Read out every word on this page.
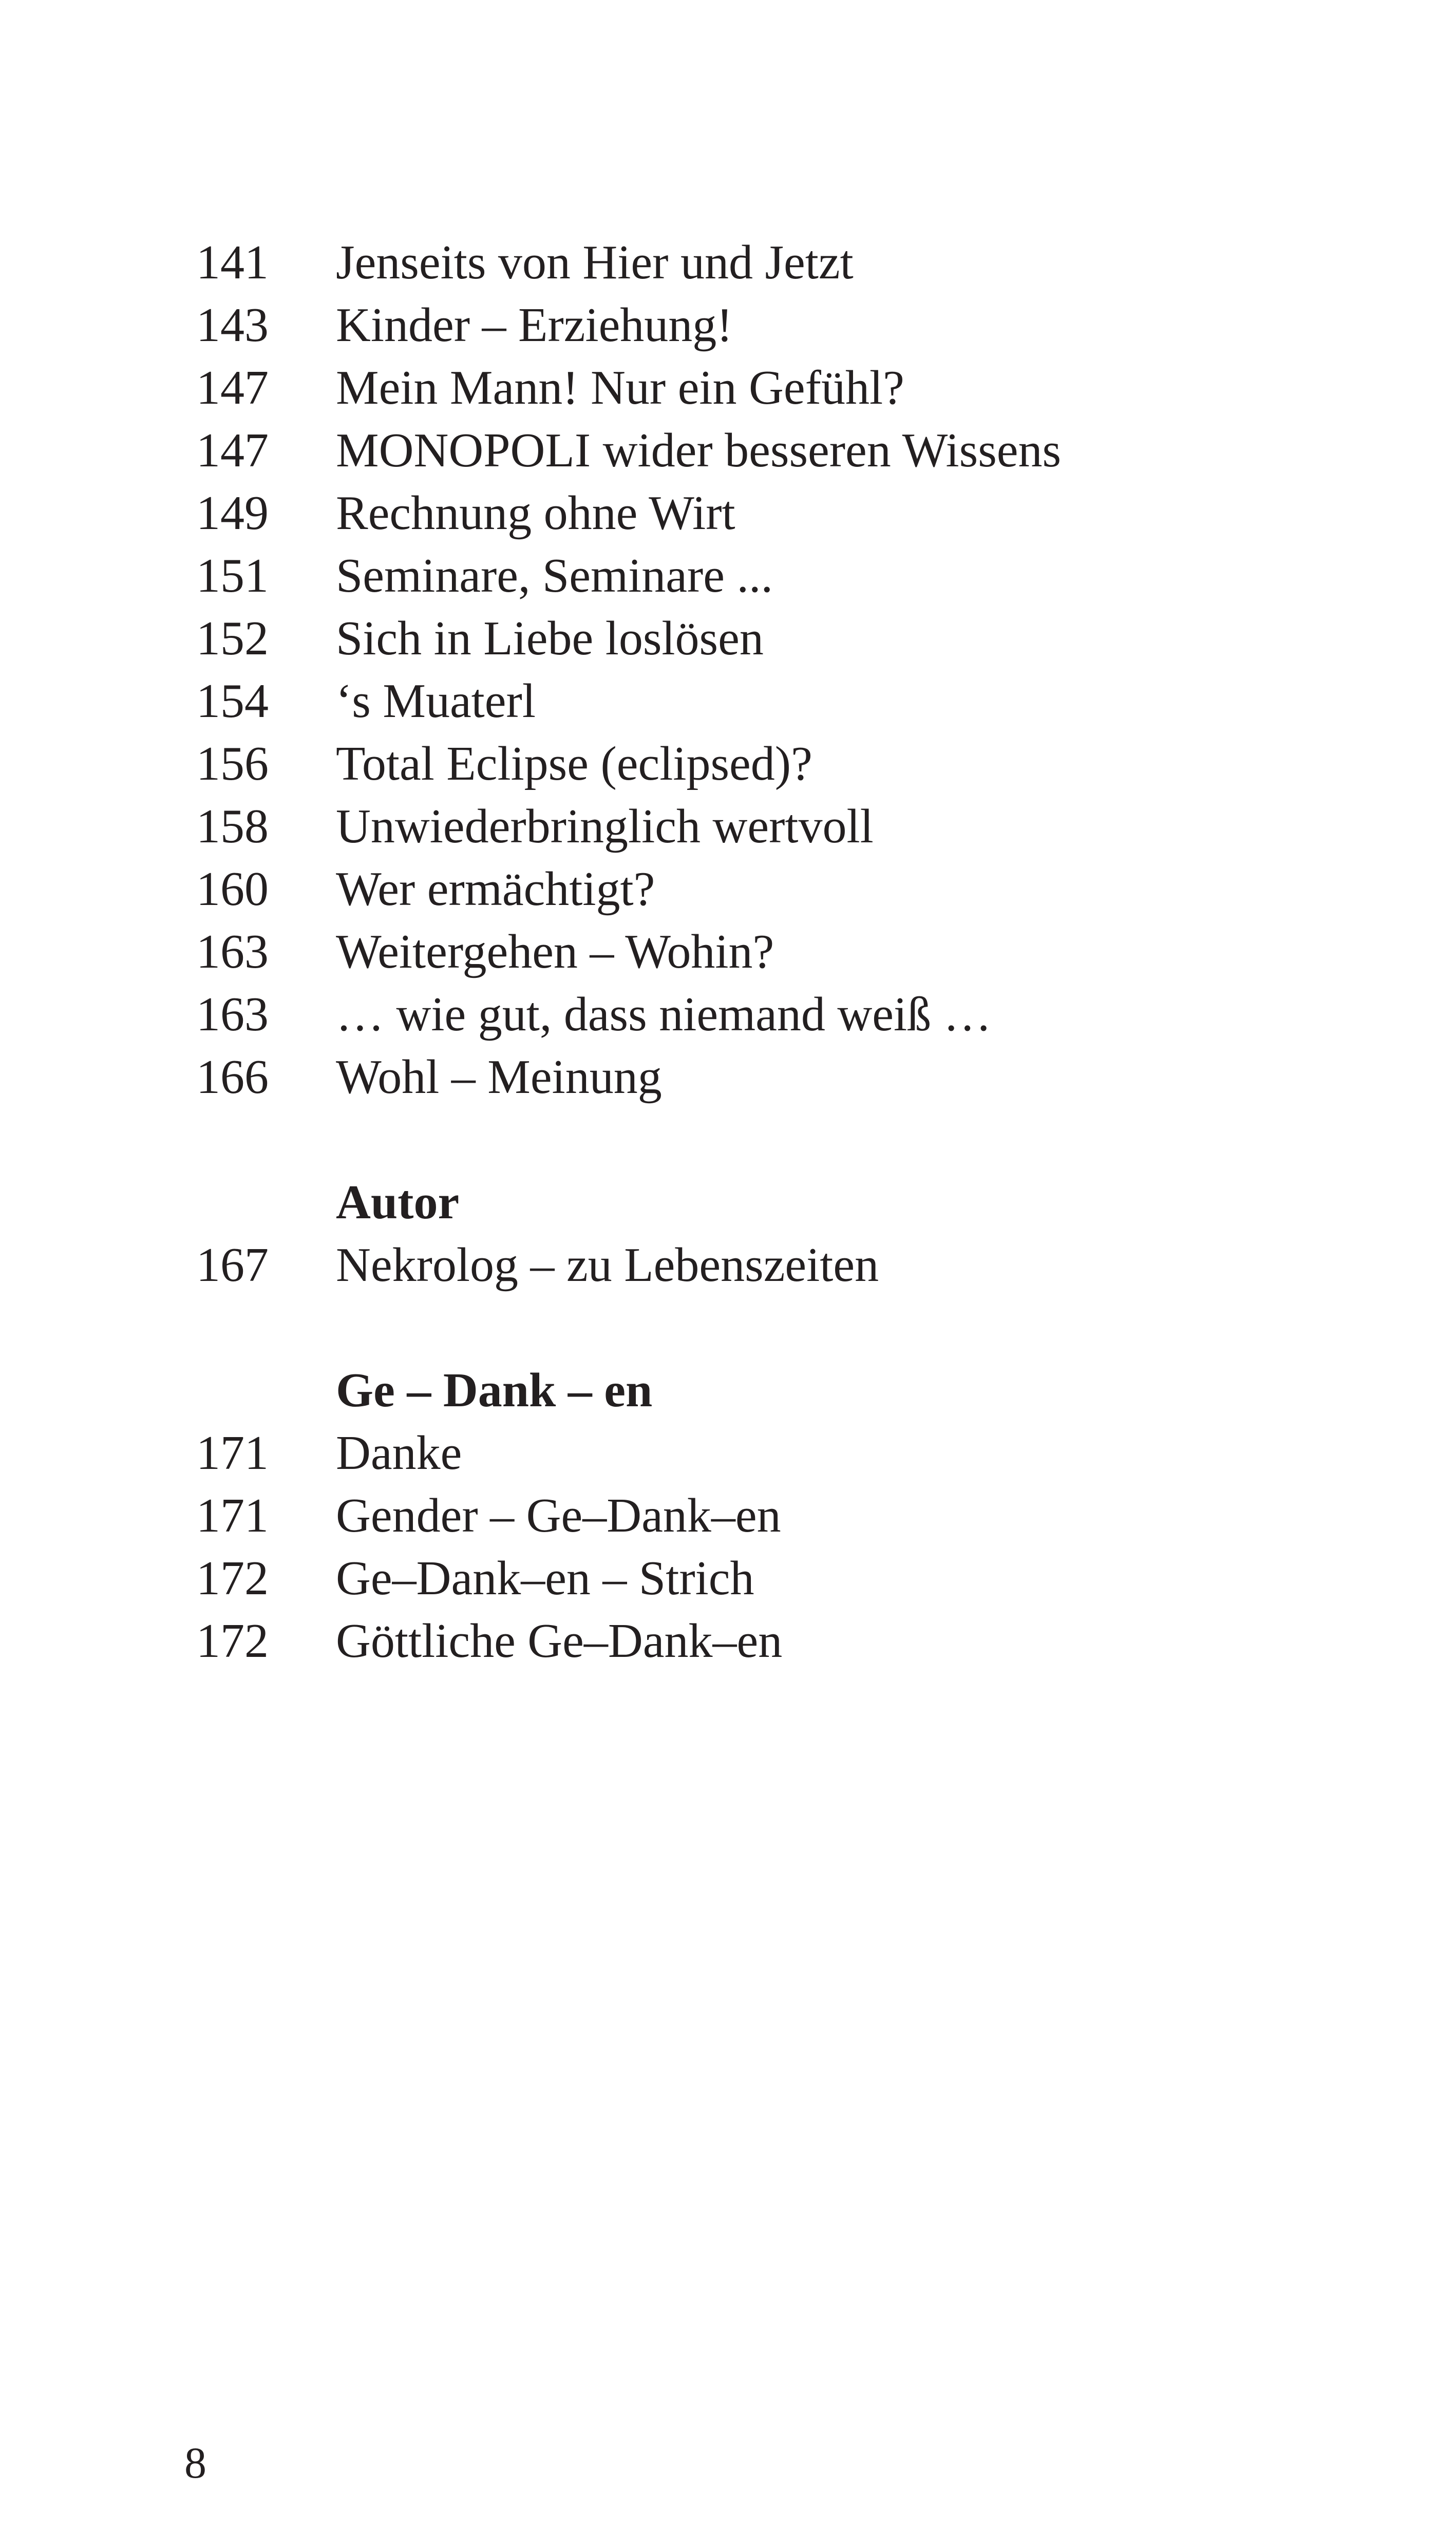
141	Jenseits von Hier und Jetzt
143	Kinder – Erziehung!
147	Mein Mann! Nur ein Gefühl?
147	MONOPOLI wider besseren Wissens
149	Rechnung ohne Wirt
151	Seminare, Seminare ...
152	Sich in Liebe loslösen
154	‘s Muaterl
156	Total Eclipse (eclipsed)?
158	Unwiederbringlich wertvoll
160	Wer ermächtigt?
163	Weitergehen – Wohin?
163	… wie gut, dass niemand weiß …
166	Wohl – Meinung
Autor
167	Nekrolog – zu Lebenszeiten
Ge – Dank – en
171	Danke
171	Gender – Ge–Dank–en
172	Ge–Dank–en – Strich
172	Göttliche Ge–Dank–en
8
